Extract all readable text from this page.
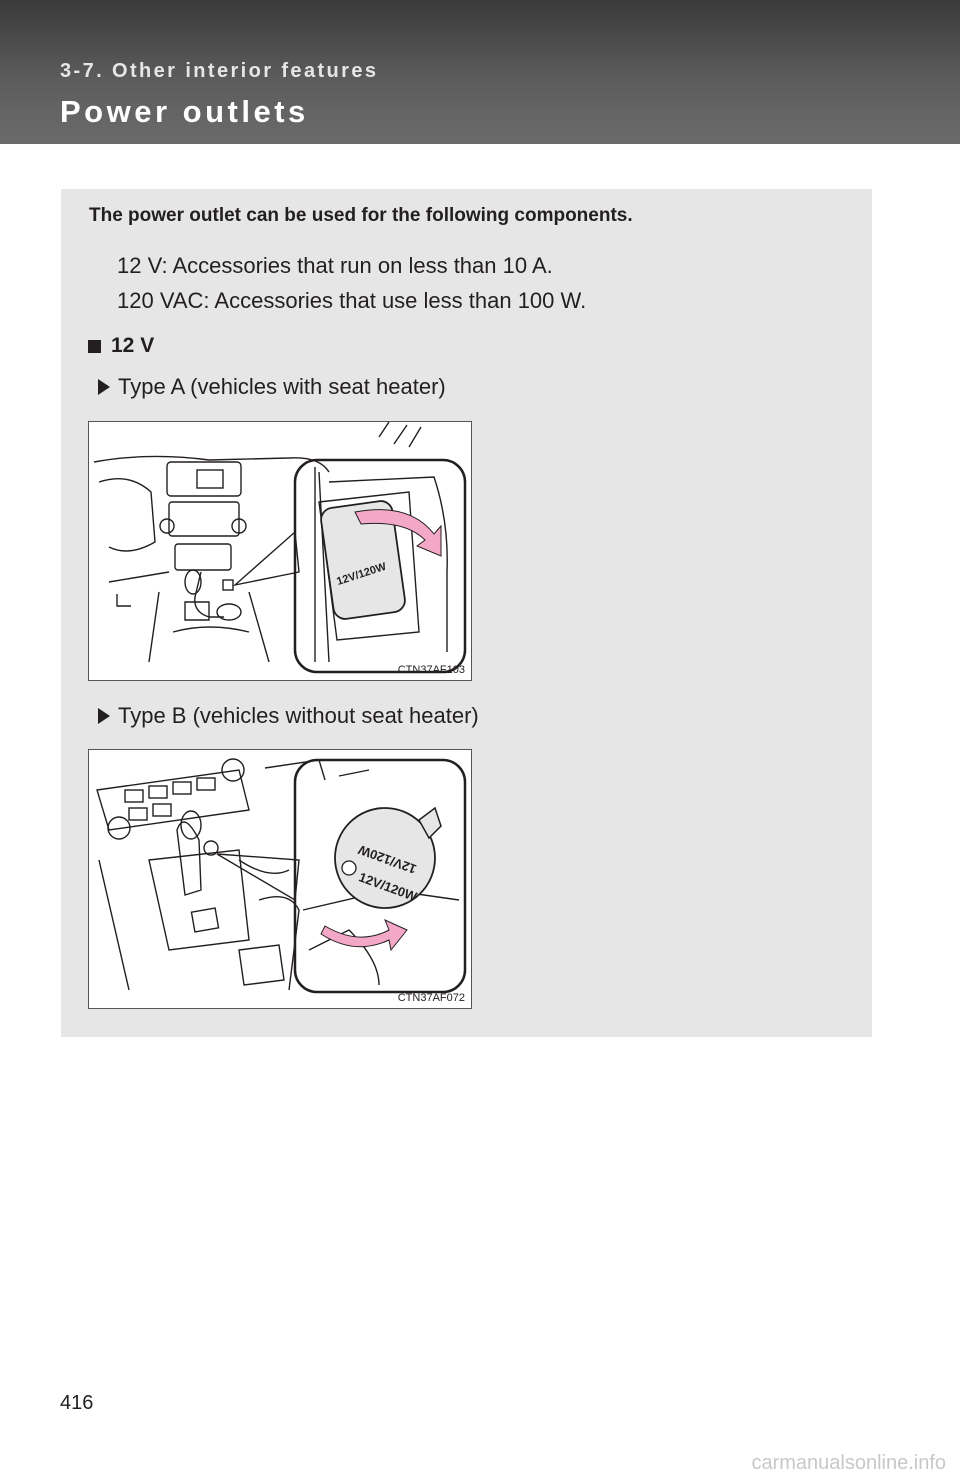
3-7. Other interior features
Power outlets
The power outlet can be used for the following components.
12 V: Accessories that run on less than 10 A.
120 VAC: Accessories that use less than 100 W.
12 V
Type A (vehicles with seat heater)
12V/120W
CTN37AF103
Type B (vehicles without seat heater)
12V/120W
12V/120W
CTN37AF072
416
carmanualsonline.info
